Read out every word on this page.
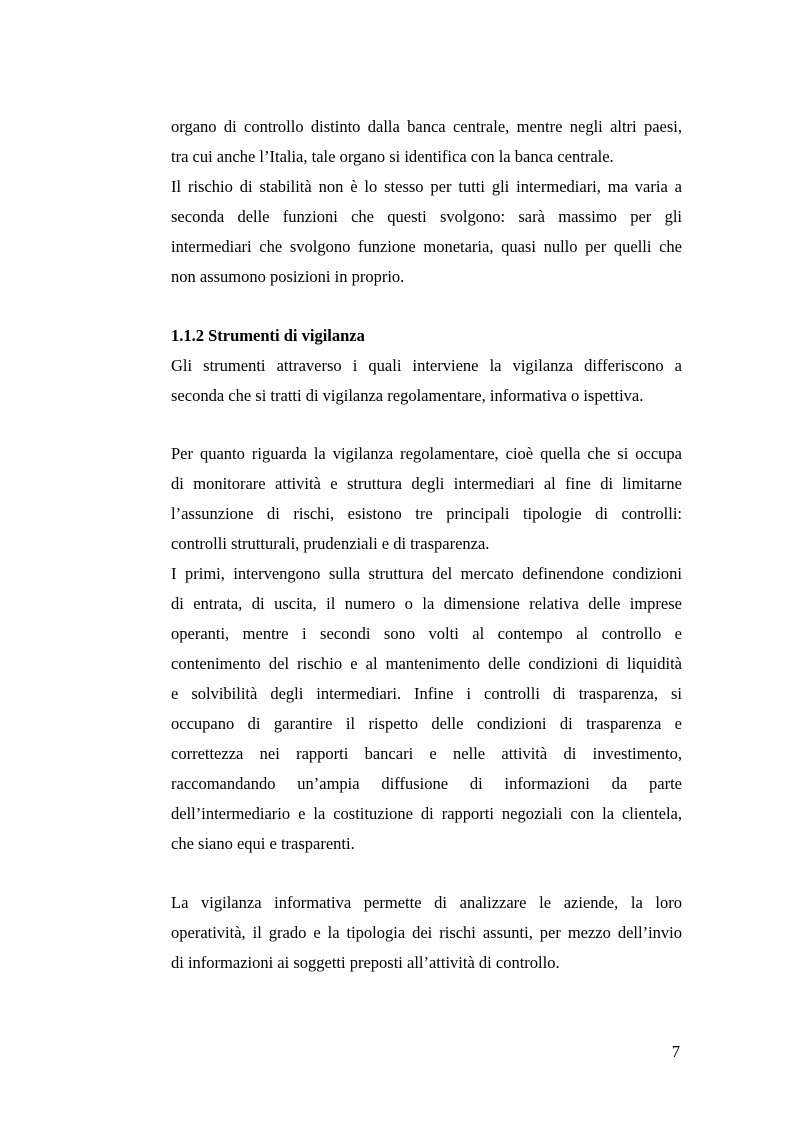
organo di controllo distinto dalla banca centrale, mentre negli altri paesi,
tra cui anche l’Italia, tale organo si identifica con la banca centrale.
Il rischio di stabilità non è lo stesso per tutti gli intermediari, ma varia a
seconda delle funzioni che questi svolgono: sarà massimo per gli
intermediari che svolgono funzione monetaria, quasi nullo per quelli che
non assumono posizioni in proprio.
1.1.2 Strumenti di vigilanza
Gli strumenti attraverso i quali interviene la vigilanza differiscono a
seconda che si tratti di vigilanza regolamentare, informativa o ispettiva.
Per quanto riguarda la vigilanza regolamentare, cioè quella che si occupa
di monitorare attività e struttura degli intermediari al fine di limitarne
l’assunzione di rischi, esistono tre principali tipologie di controlli:
controlli strutturali, prudenziali e di trasparenza.
I primi, intervengono sulla struttura del mercato definendone condizioni
di entrata, di uscita, il numero o la dimensione relativa delle imprese
operanti, mentre i secondi sono volti al contempo al controllo e
contenimento del rischio e al mantenimento delle condizioni di liquidità
e solvibilità degli intermediari. Infine i controlli di trasparenza, si
occupano di garantire il rispetto delle condizioni di trasparenza e
correttezza nei rapporti bancari e nelle attività di investimento,
raccomandando un’ampia diffusione di informazioni da parte
dell’intermediario e la costituzione di rapporti negoziali con la clientela,
che siano equi e trasparenti.
La vigilanza informativa permette di analizzare le aziende, la loro
operatività, il grado e la tipologia dei rischi assunti, per mezzo dell’invio
di informazioni ai soggetti preposti all’attività di controllo.
7
